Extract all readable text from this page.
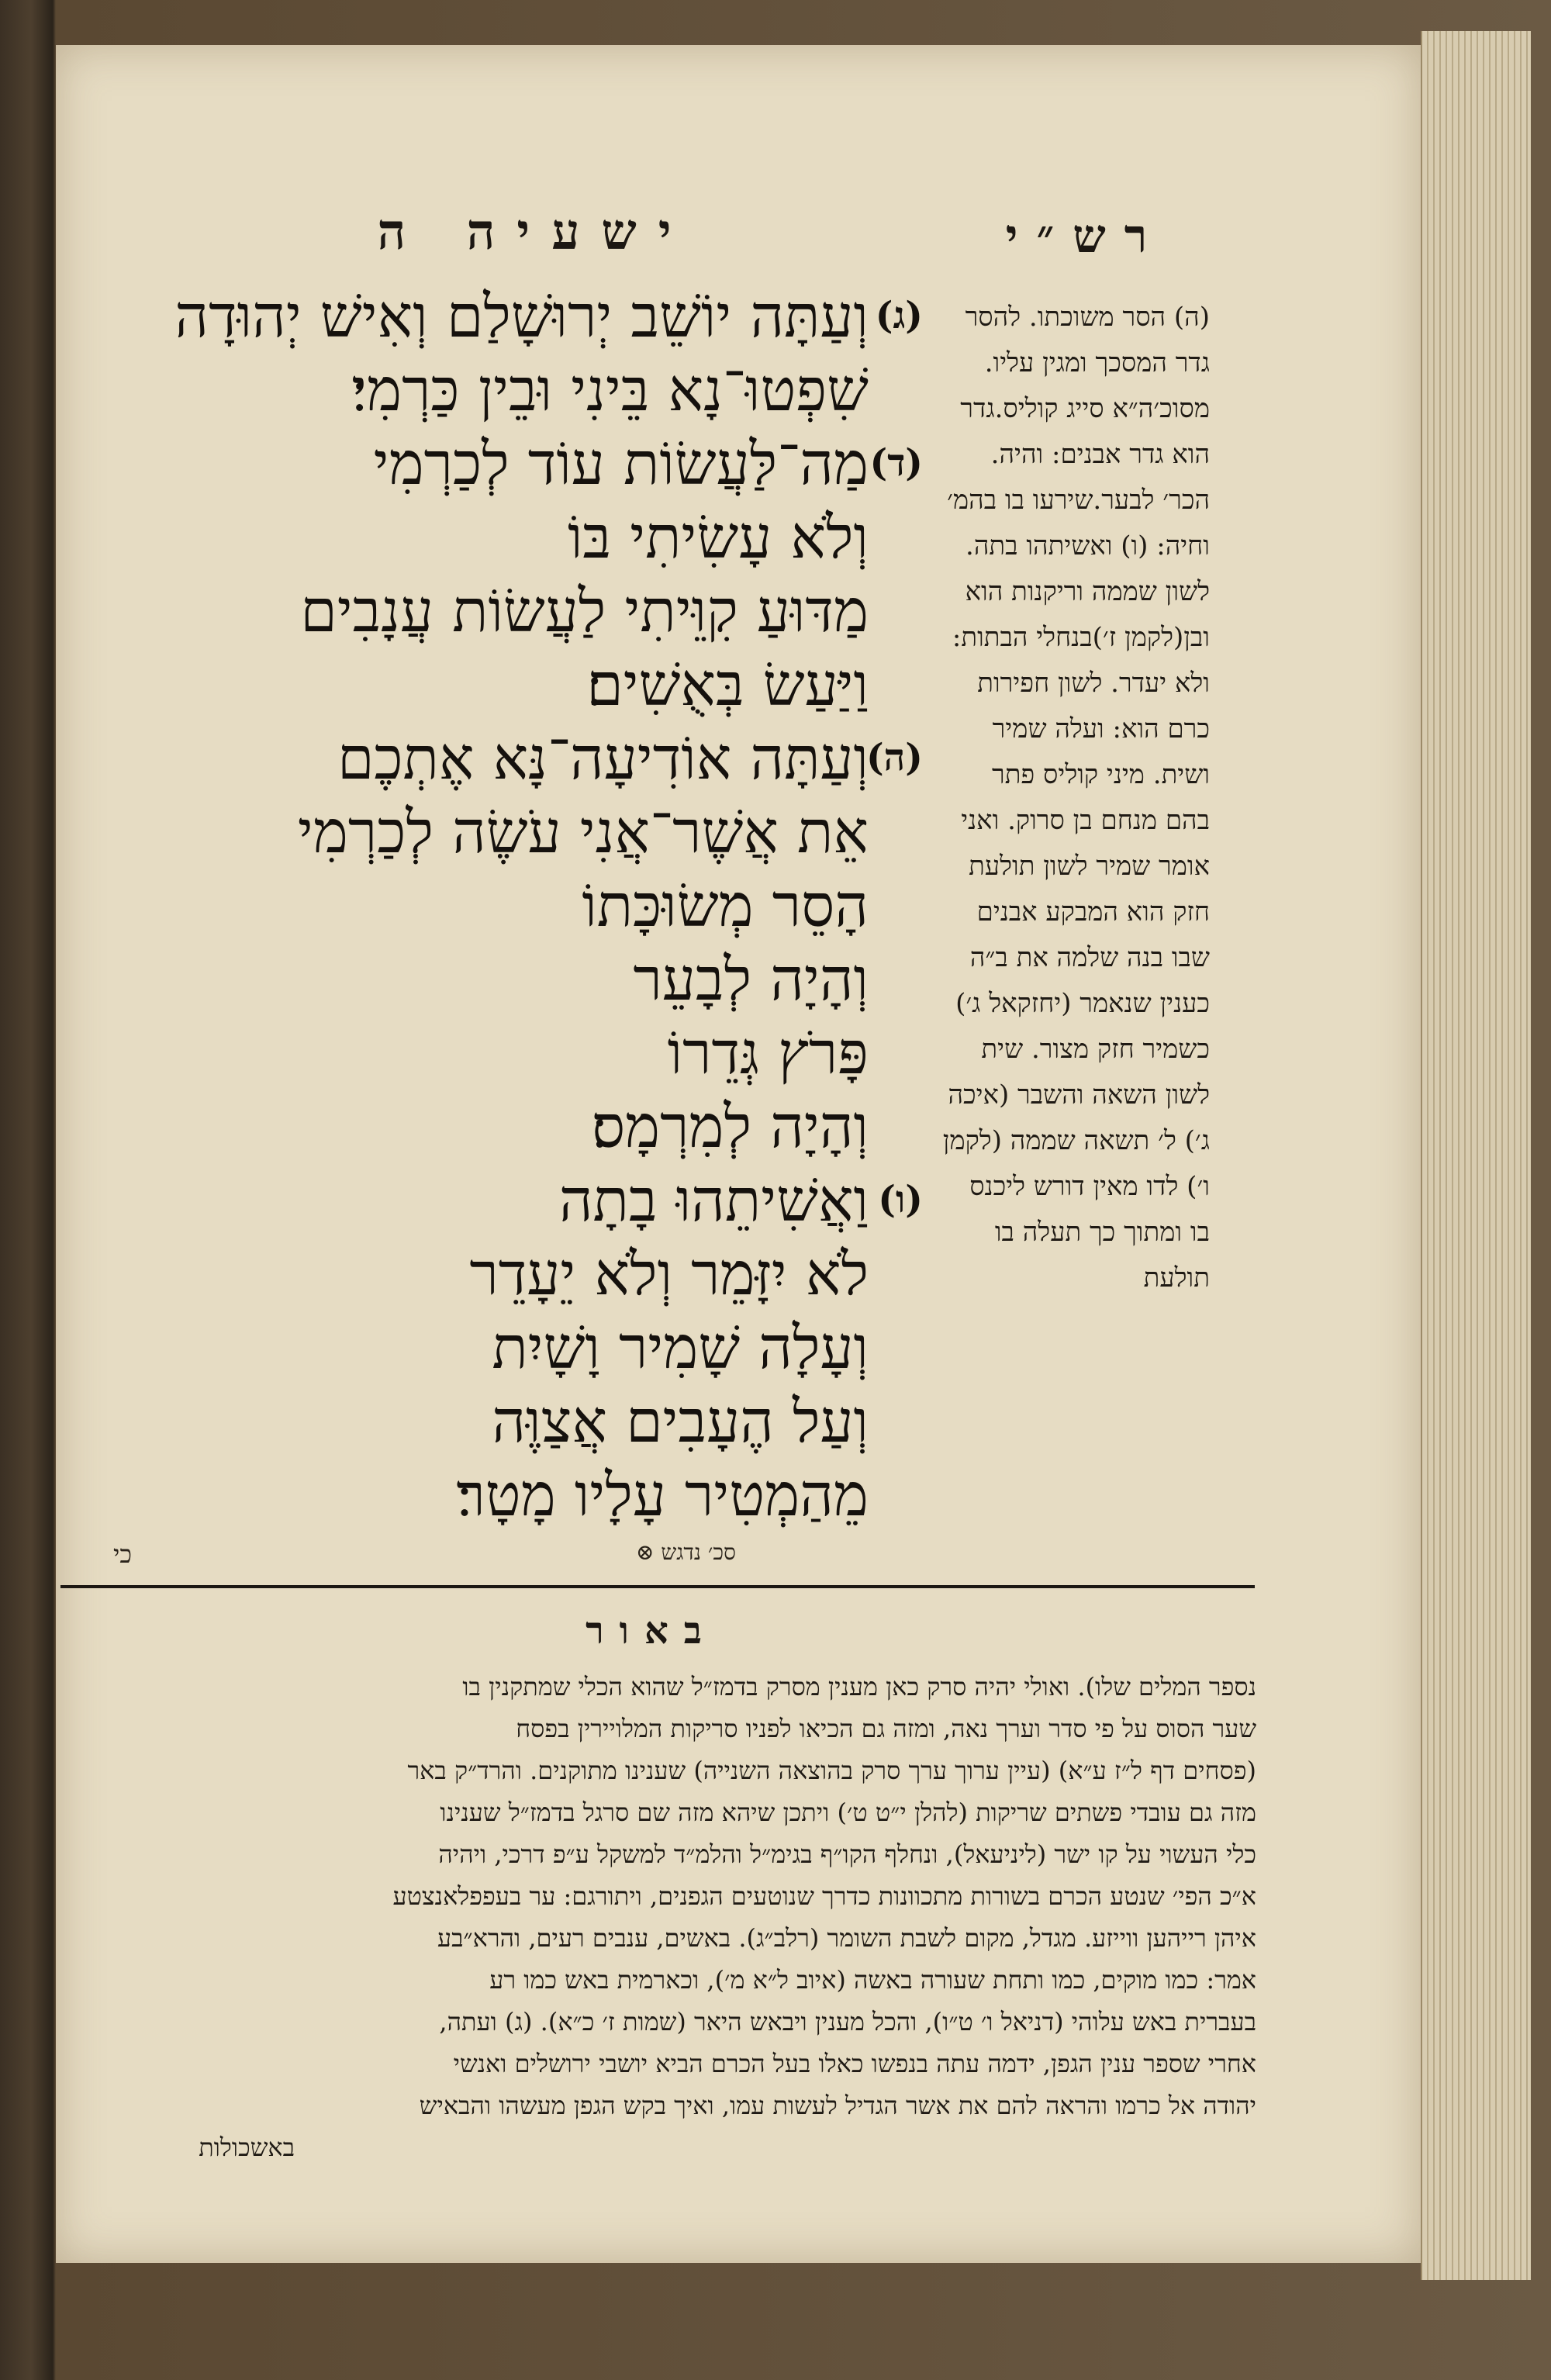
ישעיה ה	רש״י
וְעַתָּה יוֹשֵׁב יְרוּשָׁלַם וְאִישׁ יְהוּדָה (ג)
שִׁפְטוּ־נָא בֵּינִי וּבֵין כַּרְמִי׃
מַה־לַּעֲשׂוֹת עוֹד לְכַרְמִי (ד)
וְלֹא עָשִׂיתִי בּוֹ
מַדּוּעַ קִוֵּיתִי לַעֲשׂוֹת עֲנָבִים
וַיַּעַשׂ בְּאֻשִׁים׃
וְעַתָּה אוֹדִיעָה־נָּא אֶתְכֶם
(ה)
אֵת אֲשֶׁר־אֲנִי עֹשֶׂה לְכַרְמִי
הָסֵר מְשׂוּכָּתוֹ
וְהָיָה לְבָעֵר
פָּרֹץ גְּדֵרוֹ
וְהָיָה לְמִרְמָס׃
וַאֲשִׁיתֵהוּ בָתָה (ו)
לֹא יִזָּמֵר וְלֹא יֵעָדֵר
וְעָלָה שָׁמִיר וָשָׁיִת
וְעַל הֶעָבִים אֲצַוֶּה
מֵהַמְטִיר עָלָיו מָטָר׃
(ה) הסר משוכתו. להסר
גדר המסכך ומגין עליו.
מסוכ׳ה״א סייג קוליס.גדר
הוא גדר אבנים: והיה.
הכר׳ לבער.שירעו בו בהמ׳
וחיה: (ו) ואשיתהו בתה.
לשון שממה וריקנות הוא
ובן(לקמן ז׳)בנחלי הבתות:
ולא יעדר. לשון חפירות
כרם הוא: ועלה שמיר
ושית. מיני קוליס פתר
בהם מנחם בן סרוק. ואני
אומר שמיר לשון תולעת
חזק הוא המבקע אבנים
שבו בנה שלמה את ב״ה
כענין שנאמר (יחזקאל ג׳)
כשמיר חזק מצור. שית
לשון השאה והשבר (איכה
ג׳) ל׳ תשאה שממה (לקמן
ו׳) לדו מאין דורש ליכנס
בו ומתוך כך תעלה בו
תולעת
כי	סכ׳ נדגש ⊗
באור
נספר המלים שלו). ואולי יהיה סרק כאן מענין מסרק בדמז״ל שהוא הכלי שמתקנין בו
שער הסוס על פי סדר וערך נאה, ומזה גם הכיאו לפניו סריקות המלויירין בפסח
(פסחים דף ל״ז ע״א) (עיין ערוך ערך סרק בהוצאה השנייה) שענינו מתוקנים. והרד״ק באר
מזה גם עובדי פשתים שריקות (להלן י״ט ט׳) ויתכן שיהא מזה שם סרגל בדמז״ל שענינו
כלי העשוי על קו ישר (ליניעאל), ונחלף הקו״ף בגימ״ל והלמ״ד למשקל ע״פ דרכי, ויהיה
א״כ הפי׳ שנטע הכרם בשורות מתכוונות כדרך שנוטעים הגפנים, ויתורגם: ער בעפפלאנצטע
איהן רייהען ווייזע. מגדל, מקום לשבת השומר (רלב״ג). באשים, ענבים רעים, והרא״בע
אמר: כמו מוקים, כמו ותחת שעורה באשה (איוב ל״א מ׳), וכארמית באש כמו רע
בעברית באש עלוהי (דניאל ו׳ ט״ו), והכל מענין ויבאש היאר (שמות ז׳ כ״א). (ג) ועתה,
אחרי שספר ענין הגפן, ידמה עתה בנפשו כאלו בעל הכרם הביא יושבי ירושלים ואנשי
יהודה אל כרמו והראה להם את אשר הגדיל לעשות עמו, ואיך בקש הגפן מעשהו והבאיש
באשכולות
